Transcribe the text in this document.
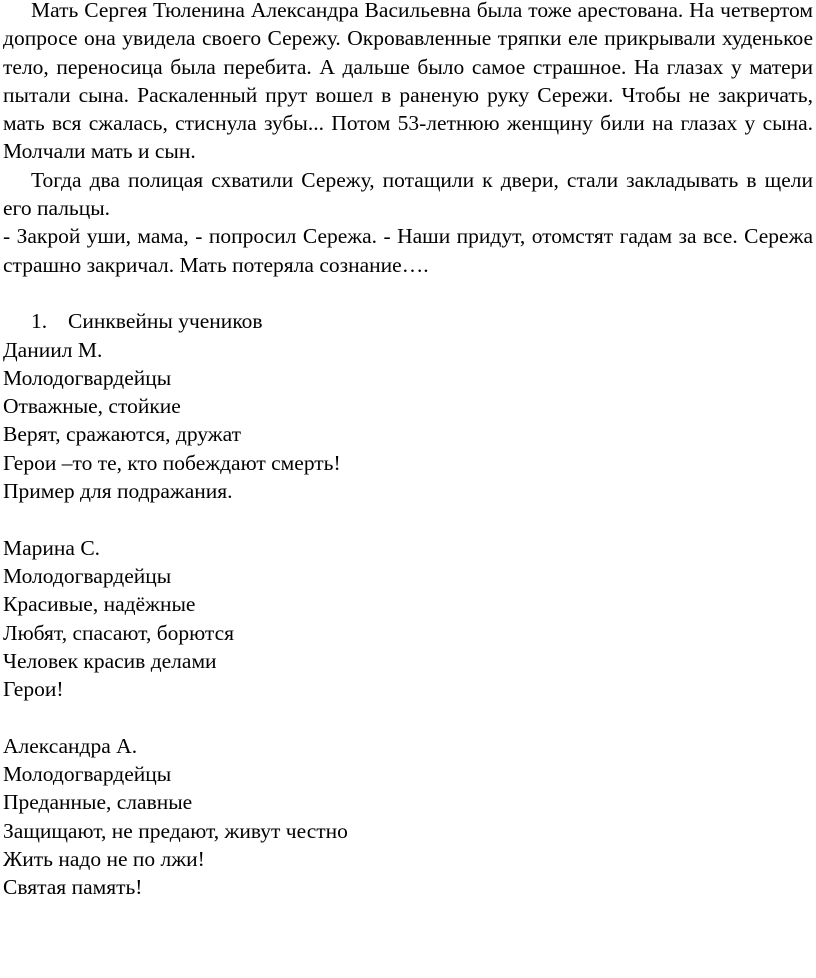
Мать Сергея Тюленина Александра Васильевна была тоже арестована. На четвертом допросе она увидела своего Сережу. Окровавленные тряпки еле прикрывали худенькое тело, переносица была перебита. А дальше было самое страшное. На глазах у матери пытали сына. Раскаленный прут вошел в раненую руку Сережи. Чтобы не закричать, мать вся сжалась, стиснула зубы... Потом 53-летнюю женщину били на глазах у сына. Молчали мать и сын.

Тогда два полицая схватили Сережу, потащили к двери, стали закладывать в щели его пальцы.

- Закрой уши, мама, - попросил Сережа. - Наши придут, отомстят гадам за все. Сережа страшно закричал. Мать потеряла сознание….

1. Синквейны учеников

Даниил М.

Молодогвардейцы

Отважные, стойкие

Верят, сражаются, дружат

Герои –то те, кто побеждают смерть!

Пример для подражания.

Марина С.

Молодогвардейцы

Красивые, надёжные

Любят, спасают, борются

Человек красив делами

Герои!

Александра А.

Молодогвардейцы

Преданные, славные

Защищают, не предают, живут честно

Жить надо не по лжи!

Святая память!
